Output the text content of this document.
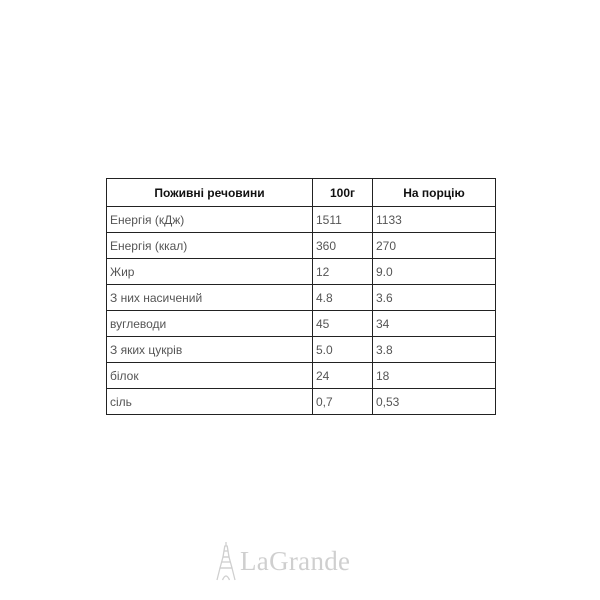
Поживні речовини	100г	На порцію
Енергія (кДж)	1511	1133
Енергія (ккал)	360	270
Жир	12	9.0
З них насичений	4.8	3.6
вуглеводи	45	34
З яких цукрів	5.0	3.8
білок	24	18
сіль	0,7	0,53
LaGrande
